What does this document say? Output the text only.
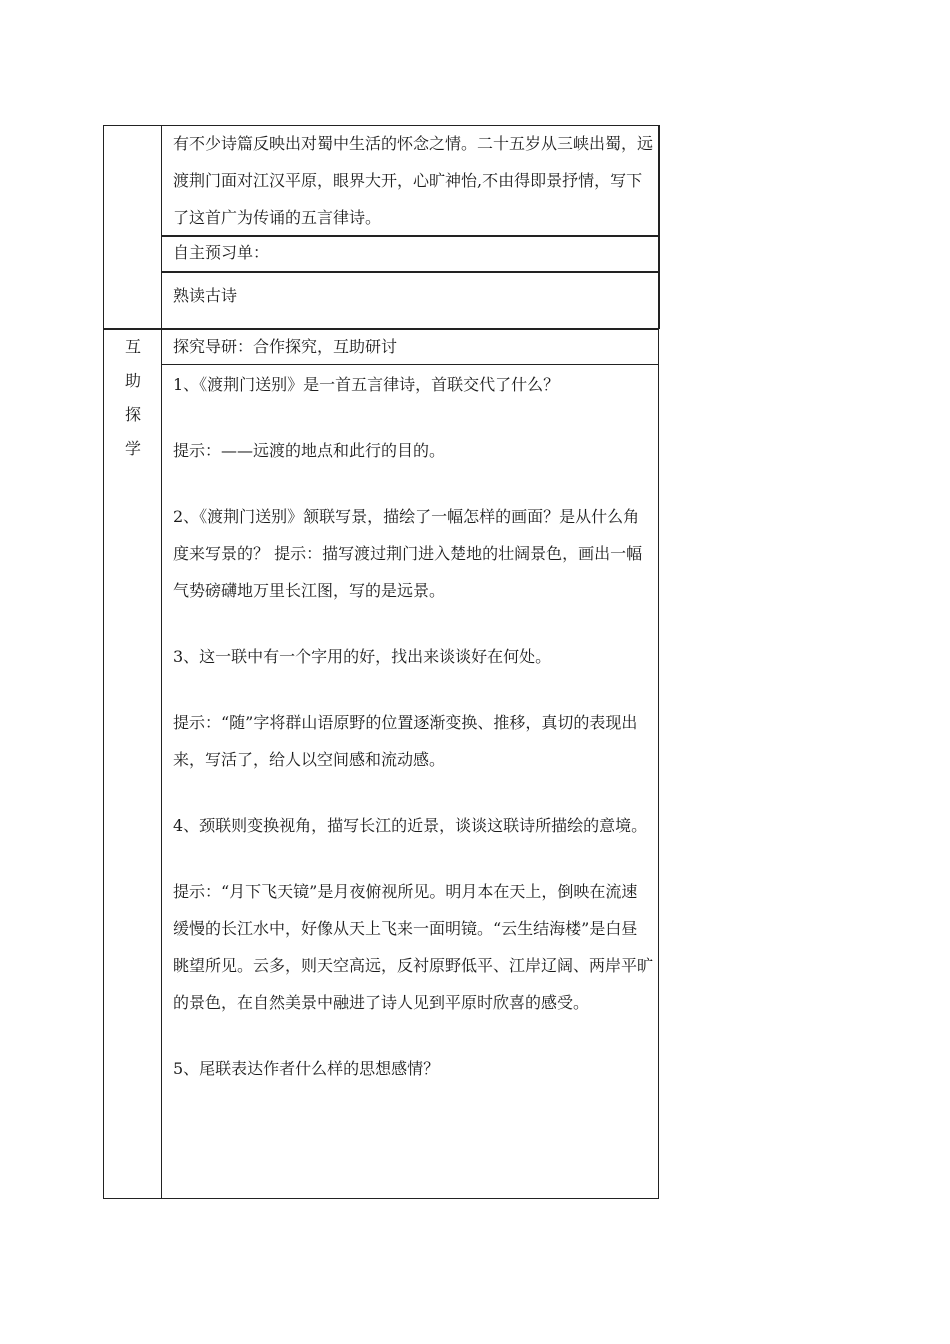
有不少诗篇反映出对蜀中生活的怀念之情。二十五岁从三峡出蜀，远渡荆门面对江汉平原，眼界大开，心旷神怡,不由得即景抒情，写下了这首广为传诵的五言律诗。
自主预习单：
熟读古诗
互
助
探
学
探究导研：合作探究，互助研讨

1、《渡荆门送别》是一首五言律诗，首联交代了什么？

提示：——远渡的地点和此行的目的。

2、《渡荆门送别》颔联写景，描绘了一幅怎样的画面？是从什么角度来写景的？ 提示：描写渡过荆门进入楚地的壮阔景色，画出一幅气势磅礴地万里长江图，写的是远景。

3、这一联中有一个字用的好，找出来谈谈好在何处。

提示：“随”字将群山语原野的位置逐渐变换、推移，真切的表现出来，写活了，给人以空间感和流动感。

4、颈联则变换视角，描写长江的近景，谈谈这联诗所描绘的意境。

提示：“月下飞天镜”是月夜俯视所见。明月本在天上，倒映在流速缓慢的长江水中，好像从天上飞来一面明镜。“云生结海楼”是白昼眺望所见。云多，则天空高远，反衬原野低平、江岸辽阔、两岸平旷的景色，在自然美景中融进了诗人见到平原时欣喜的感受。

5、尾联表达作者什么样的思想感情？
